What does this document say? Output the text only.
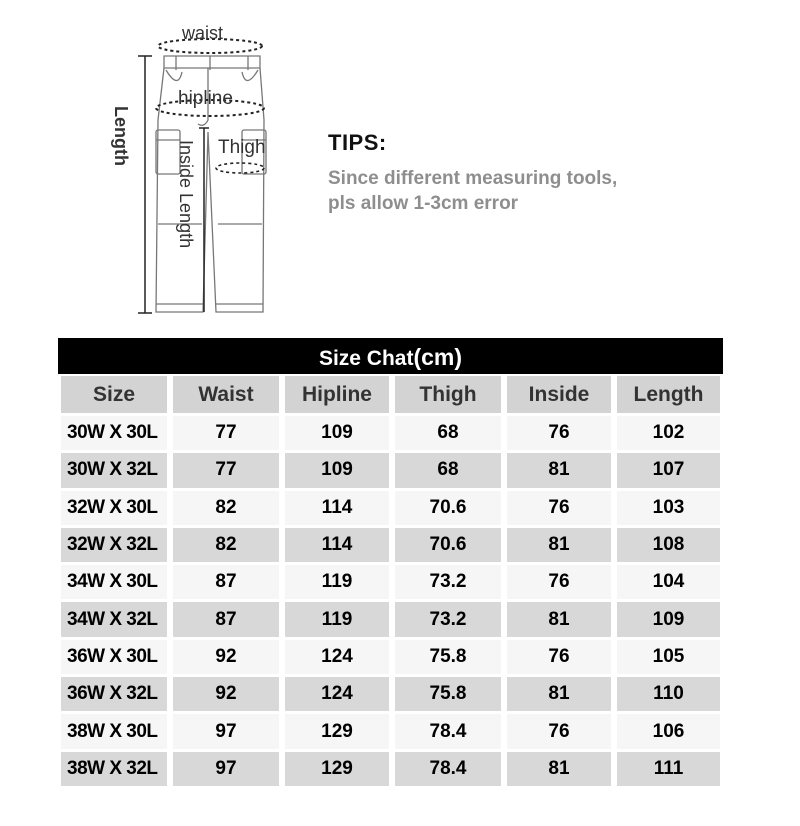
waist
hipline
Thigh
Inside Length
Length	TIPS:
Since different measuring tools,
pls allow 1-3cm error
Size Chat(cm)
Size	Waist	Hipline	Thigh	Inside	Length
30W X 30L	77	109	68	76	102
30W X 32L	77	109	68	81	107
32W X 30L	82	114	70.6	76	103
32W X 32L	82	114	70.6	81	108
34W X 30L	87	119	73.2	76	104
34W X 32L	87	119	73.2	81	109
36W X 30L	92	124	75.8	76	105
36W X 32L	92	124	75.8	81	110
38W X 30L	97	129	78.4	76	106
38W X 32L	97	129	78.4	81	111
